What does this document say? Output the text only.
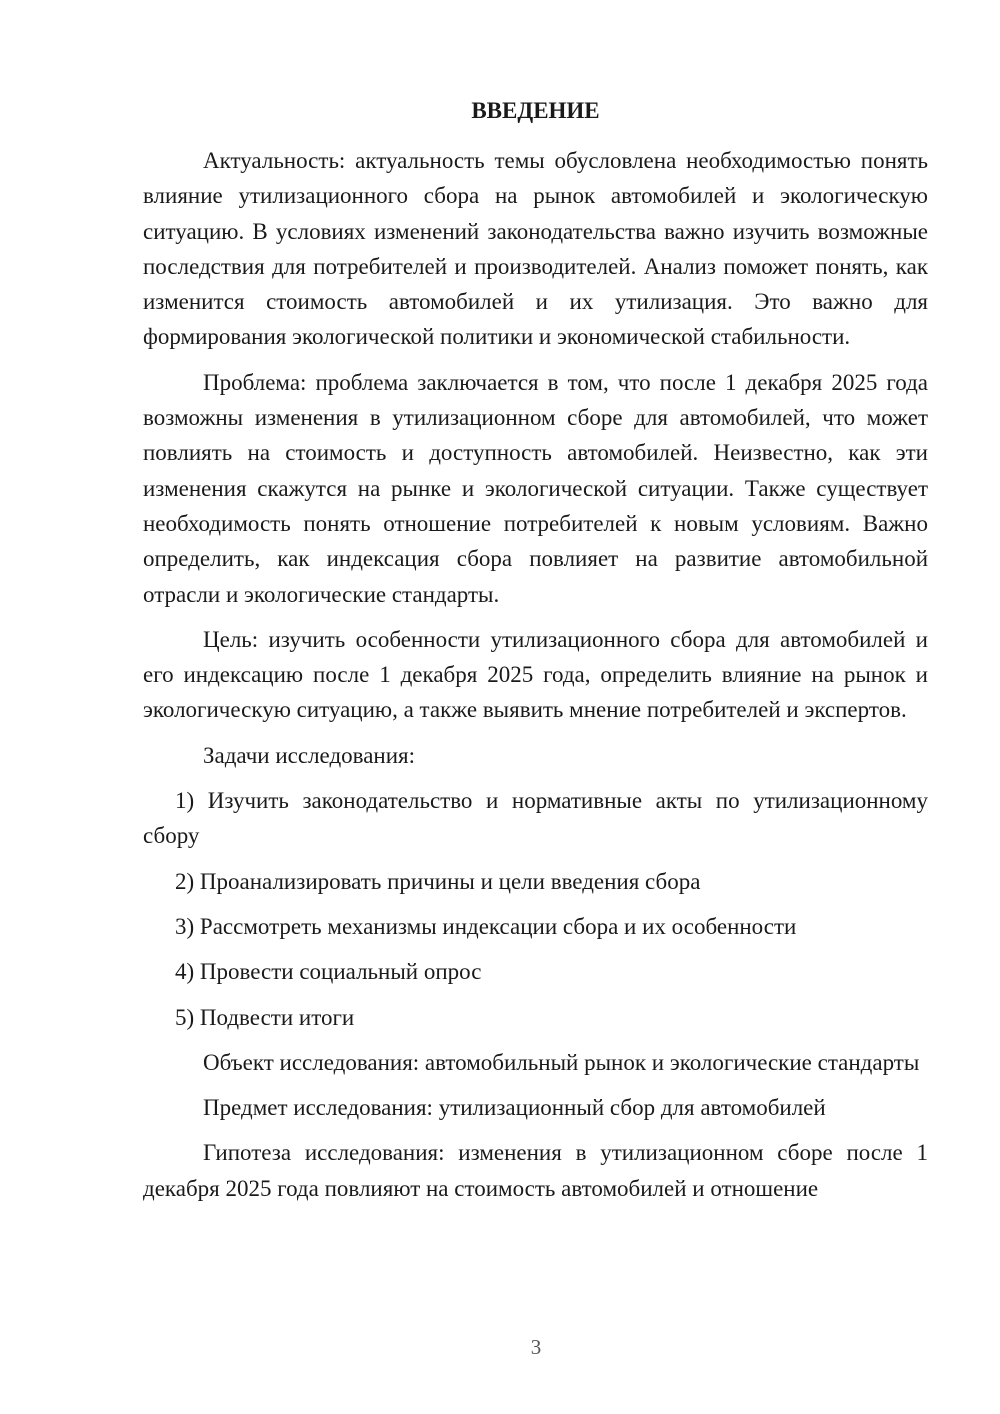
ВВЕДЕНИЕ

Актуальность: актуальность темы обусловлена необходимостью понять влияние утилизационного сбора на рынок автомобилей и экологическую ситуацию. В условиях изменений законодательства важно изучить возможные последствия для потребителей и производителей. Анализ поможет понять, как изменится стоимость автомобилей и их утилизация. Это важно для формирования экологической политики и экономической стабильности.

Проблема: проблема заключается в том, что после 1 декабря 2025 года возможны изменения в утилизационном сборе для автомобилей, что может повлиять на стоимость и доступность автомобилей. Неизвестно, как эти изменения скажутся на рынке и экологической ситуации. Также существует необходимость понять отношение потребителей к новым условиям. Важно определить, как индексация сбора повлияет на развитие автомобильной отрасли и экологические стандарты.

Цель: изучить особенности утилизационного сбора для автомобилей и его индексацию после 1 декабря 2025 года, определить влияние на рынок и экологическую ситуацию, а также выявить мнение потребителей и экспертов.

Задачи исследования:

1) Изучить законодательство и нормативные акты по утилизационному сбору

2) Проанализировать причины и цели введения сбора

3) Рассмотреть механизмы индексации сбора и их особенности

4) Провести социальный опрос

5) Подвести итоги

Объект исследования: автомобильный рынок и экологические стандарты

Предмет исследования: утилизационный сбор для автомобилей

Гипотеза исследования: изменения в утилизационном сборе после 1 декабря 2025 года повлияют на стоимость автомобилей и отношение

3
